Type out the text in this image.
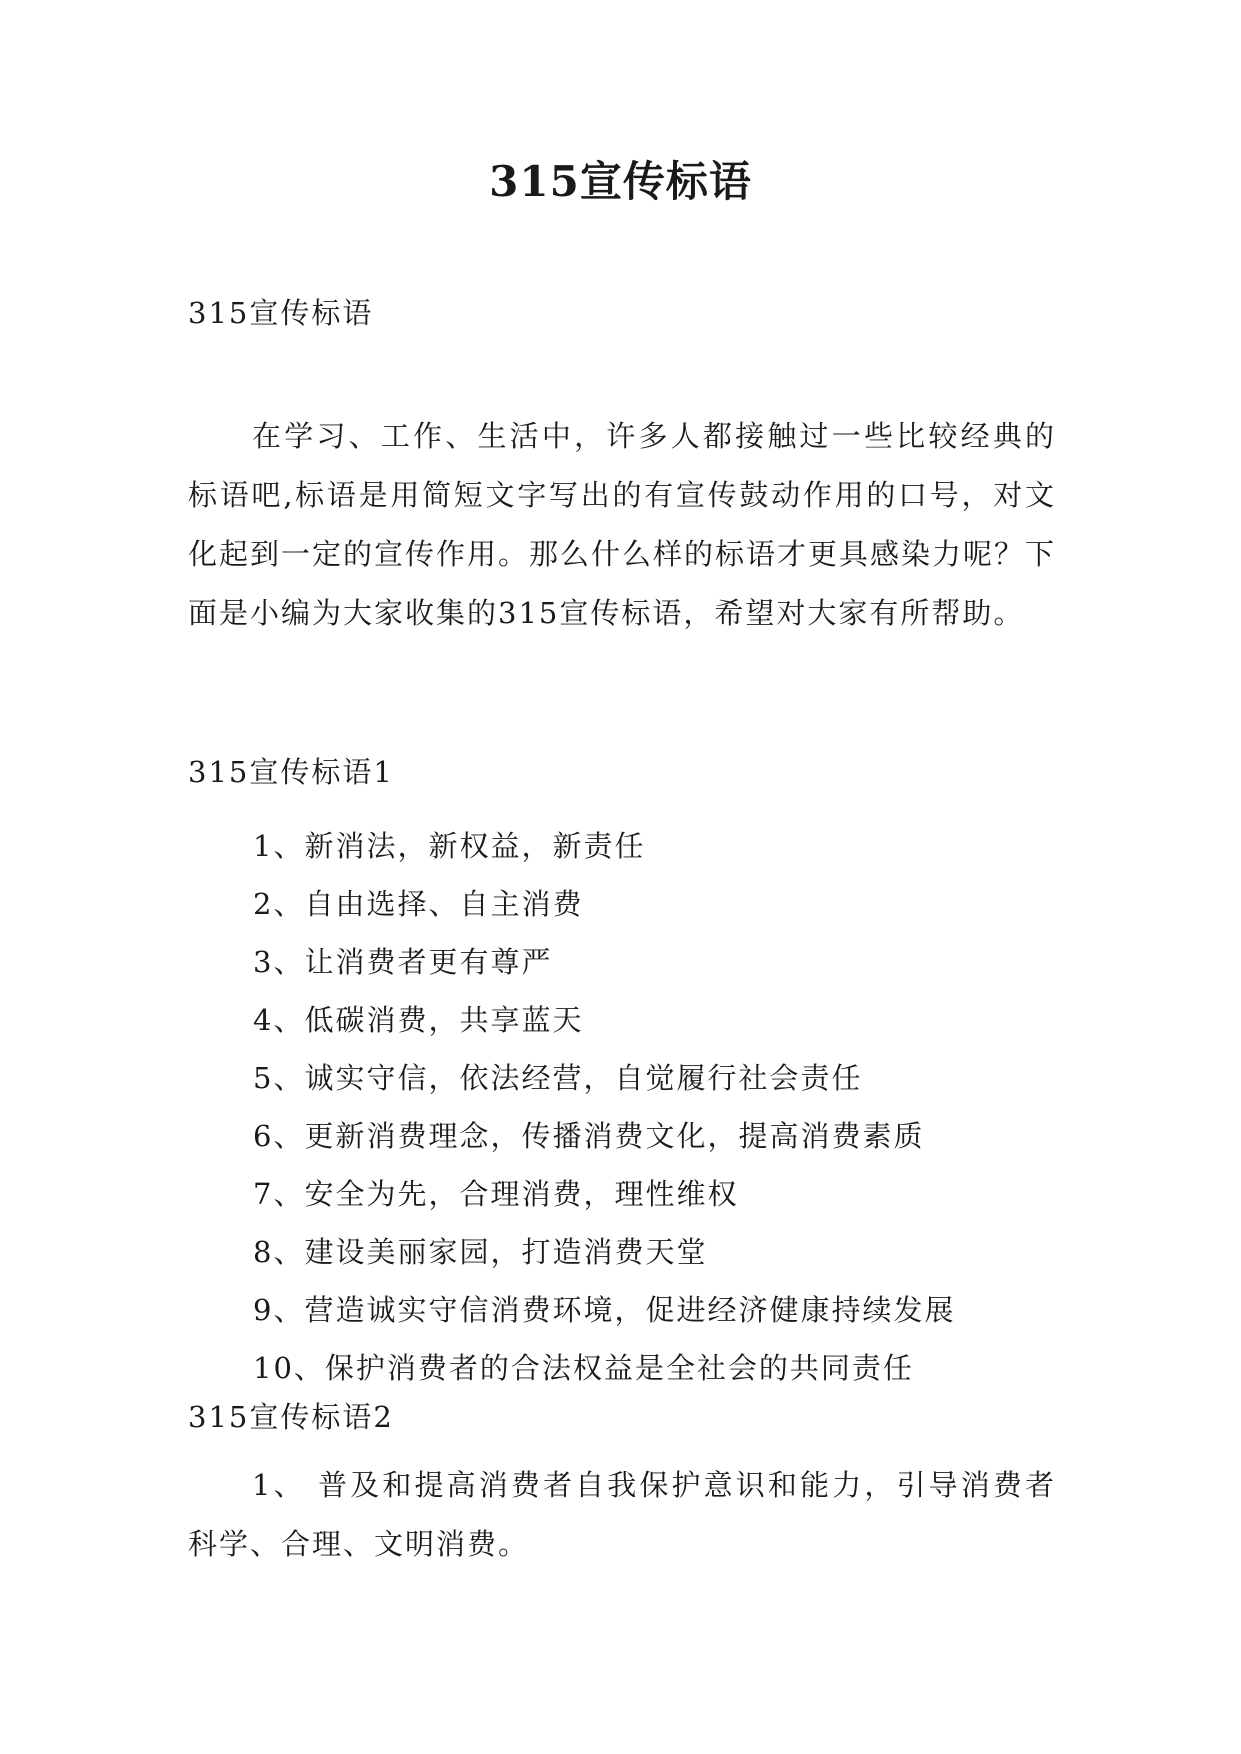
315宣传标语
315宣传标语

在学习、工作、生活中，许多人都接触过一些比较经典的标语吧,标语是用简短文字写出的有宣传鼓动作用的口号，对文化起到一定的宣传作用。那么什么样的标语才更具感染力呢？下面是小编为大家收集的315宣传标语，希望对大家有所帮助。

315宣传标语1
1、新消法，新权益，新责任
2、自由选择、自主消费
3、让消费者更有尊严
4、低碳消费，共享蓝天
5、诚实守信，依法经营，自觉履行社会责任
6、更新消费理念，传播消费文化，提高消费素质
7、安全为先，合理消费，理性维权
8、建设美丽家园，打造消费天堂
9、营造诚实守信消费环境，促进经济健康持续发展
10、保护消费者的合法权益是全社会的共同责任
315宣传标语2

1、 普及和提高消费者自我保护意识和能力，引导消费者科学、合理、文明消费。
